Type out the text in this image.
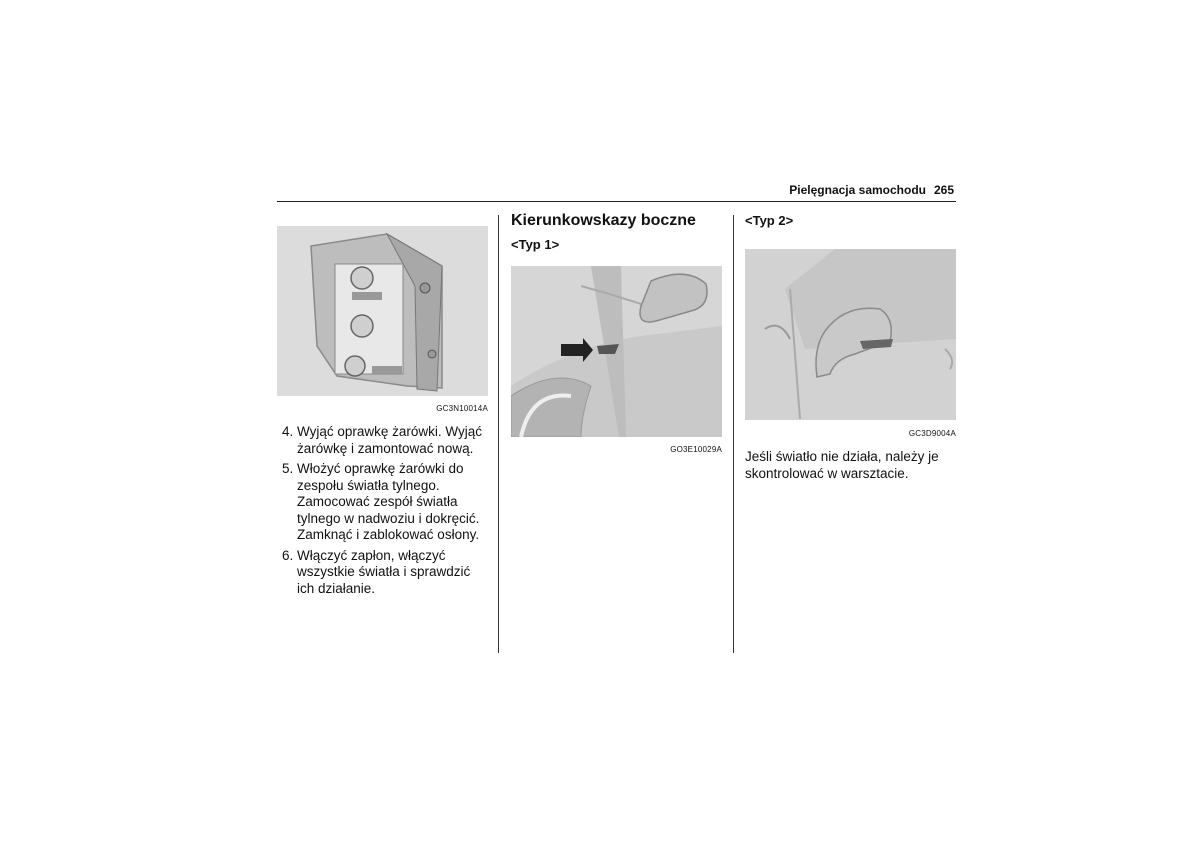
Pielęgnacja samochodu 265
GC3N10014A
4. Wyjąć oprawkę żarówki. Wyjąć żarówkę i zamontować nową.
5. Włożyć oprawkę żarówki do zespołu światła tylnego. Zamocować zespół światła tylnego w nadwoziu i dokręcić. Zamknąć i zablokować osłony.
6. Włączyć zapłon, włączyć wszystkie światła i sprawdzić ich działanie.
Kierunkowskazy boczne
<Typ 1>
GO3E10029A
<Typ 2>
GC3D9004A
Jeśli światło nie działa, należy je skontrolować w warsztacie.
